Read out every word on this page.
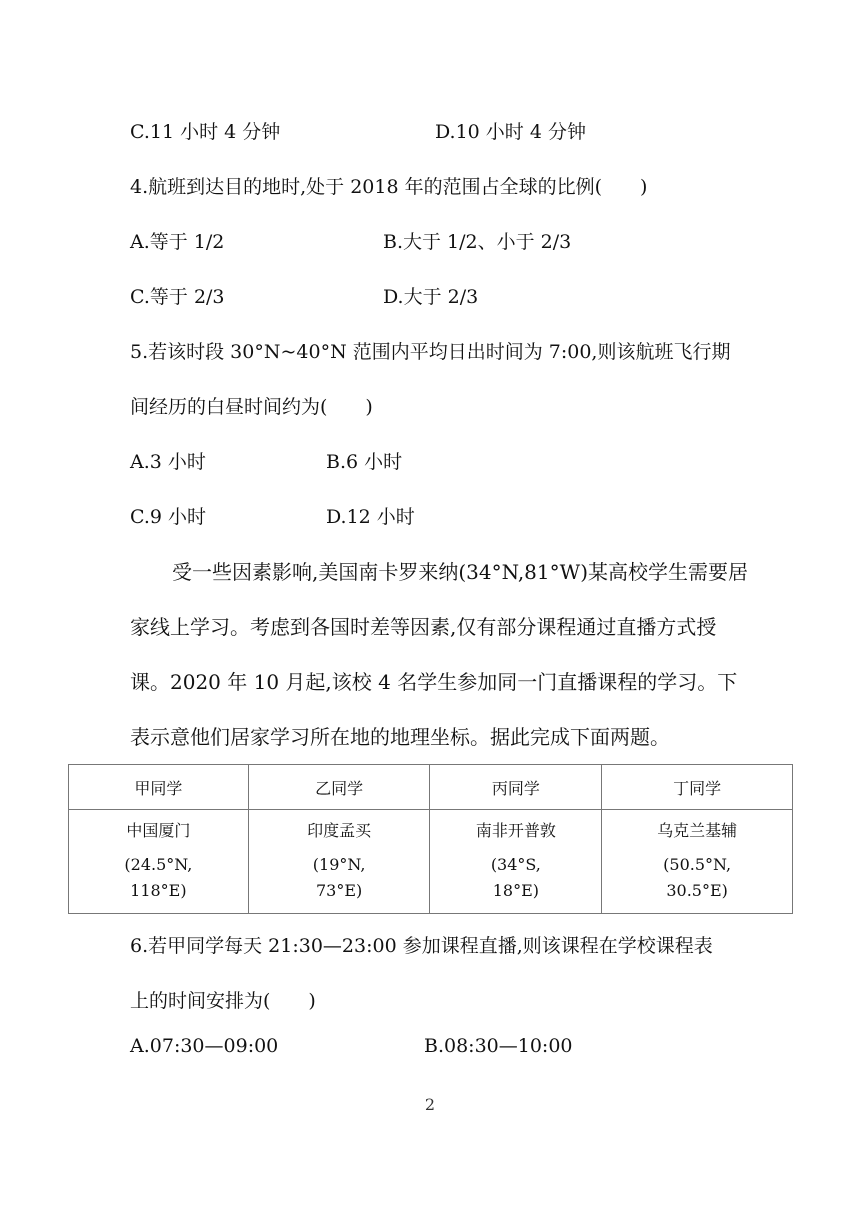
C.11 小时 4 分钟	D.10 小时 4 分钟
4.航班到达目的地时,处于 2018 年的范围占全球的比例(　　)
A.等于 1/2	B.大于 1/2、小于 2/3
C.等于 2/3	D.大于 2/3
5.若该时段 30°N~40°N 范围内平均日出时间为 7:00,则该航班飞行期
间经历的白昼时间约为(　　)
A.3 小时	B.6 小时
C.9 小时	D.12 小时
受一些因素影响,美国南卡罗来纳(34°N,81°W)某高校学生需要居
家线上学习。考虑到各国时差等因素,仅有部分课程通过直播方式授
课。2020 年 10 月起,该校 4 名学生参加同一门直播课程的学习。下
表示意他们居家学习所在地的地理坐标。据此完成下面两题。
甲同学	乙同学	丙同学	丁同学

中国厦门
(24.5°N,
118°E)	印度孟买
(19°N,
73°E)	南非开普敦
(34°S,
18°E)	乌克兰基辅
(50.5°N,
30.5°E)
6.若甲同学每天 21:30—23:00 参加课程直播,则该课程在学校课程表
上的时间安排为(　　)
A.07:30—09:00	B.08:30—10:00
2
